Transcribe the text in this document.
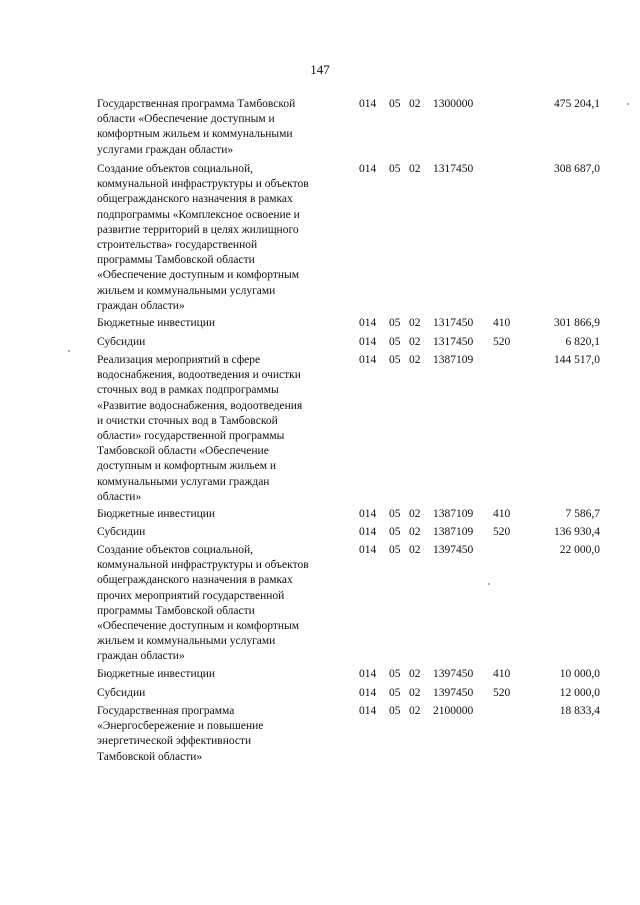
147
Государственная программа Тамбовской
области «Обеспечение доступным и
комфортным жильем и коммунальными
услугами граждан области»
014 05 02 1300000	475 204,1
Создание объектов социальной,
коммунальной инфраструктуры и объектов
общегражданского назначения в рамках
подпрограммы «Комплексное освоение и
развитие территорий в целях жилищного
строительства» государственной
программы Тамбовской области
«Обеспечение доступным и комфортным
жильем и коммунальными услугами
граждан области»
014 05 02 1317450	308 687,0
Бюджетные инвестиции	014 05 02 1317450 410	301 866,9
Субсидии	014 05 02 1317450 520	6 820,1
Реализация мероприятий в сфере
водоснабжения, водоотведения и очистки
сточных вод в рамках подпрограммы
«Развитие водоснабжения, водоотведения
и очистки сточных вод в Тамбовской
области» государственной программы
Тамбовской области «Обеспечение
доступным и комфортным жильем и
коммунальными услугами граждан
области»
014 05 02 1387109	144 517,0
Бюджетные инвестиции	014 05 02 1387109 410	7 586,7
Субсидии	014 05 02 1387109 520	136 930,4
Создание объектов социальной,
коммунальной инфраструктуры и объектов
общегражданского назначения в рамках
прочих мероприятий государственной
программы Тамбовской области
«Обеспечение доступным и комфортным
жильем и коммунальными услугами
граждан области»
014 05 02 1397450	22 000,0
Бюджетные инвестиции	014 05 02 1397450 410	10 000,0
Субсидии	014 05 02 1397450 520	12 000,0
Государственная программа
«Энергосбережение и повышение
энергетической эффективности
Тамбовской области»
014 05 02 2100000	18 833,4
